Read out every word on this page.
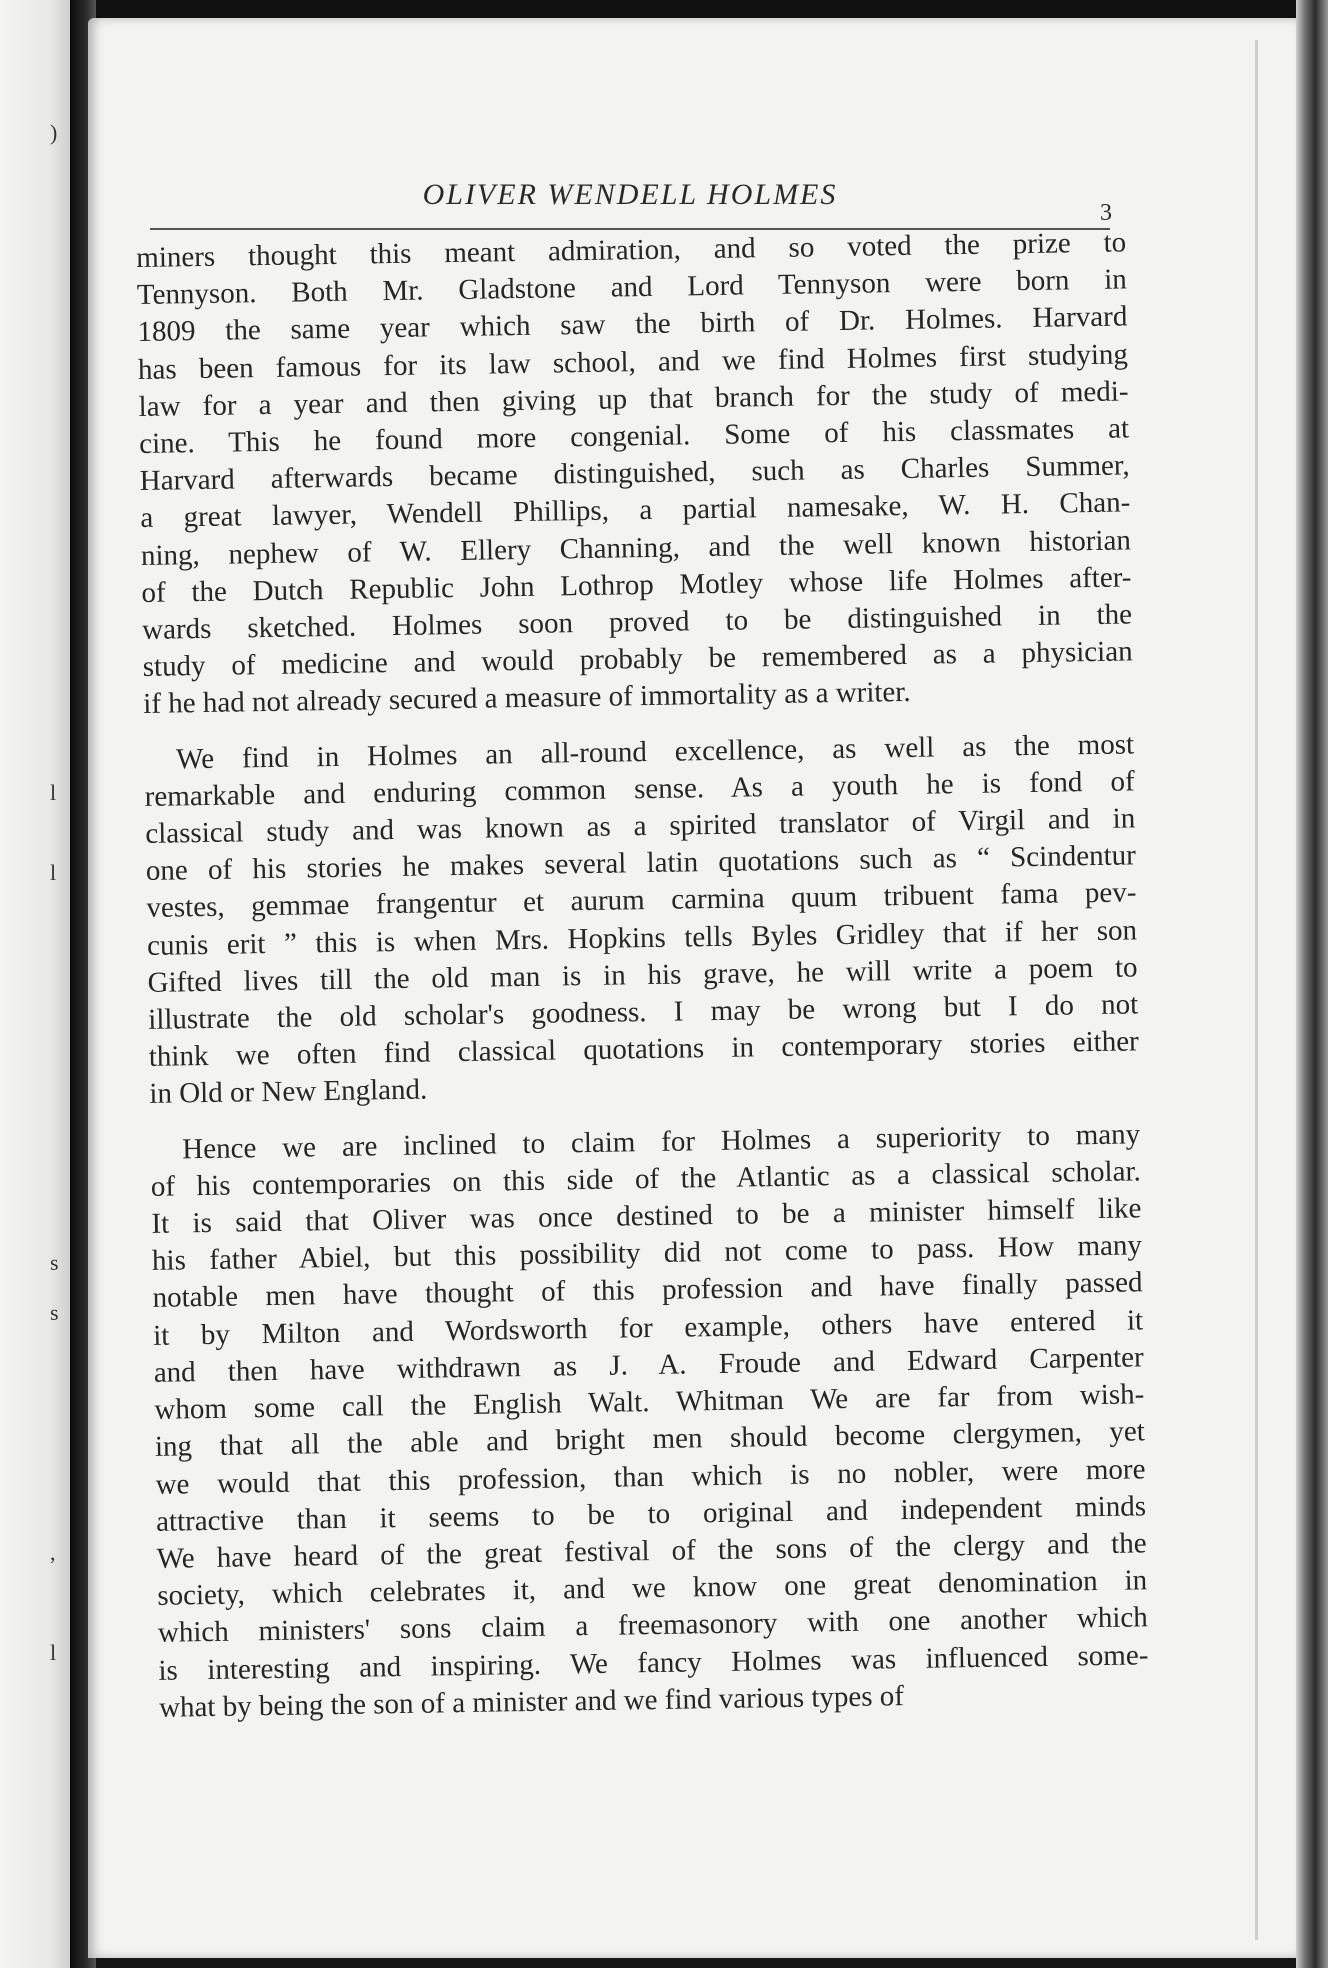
)
l
l
s
s
,
l
OLIVER WENDELL HOLMES
3
miners thought this meant admiration, and so voted the prize to
Tennyson. Both Mr. Gladstone and Lord Tennyson were born in
1809 the same year which saw the birth of Dr. Holmes. Harvard
has been famous for its law school, and we find Holmes first studying
law for a year and then giving up that branch for the study of medi-
cine. This he found more congenial. Some of his classmates at
Harvard afterwards became distinguished, such as Charles Summer,
a great lawyer, Wendell Phillips, a partial namesake, W. H. Chan-
ning, nephew of W. Ellery Channing, and the well known historian
of the Dutch Republic John Lothrop Motley whose life Holmes after-
wards sketched. Holmes soon proved to be distinguished in the
study of medicine and would probably be remembered as a physician
if he had not already secured a measure of immortality as a writer.
We find in Holmes an all-round excellence, as well as the most
remarkable and enduring common sense. As a youth he is fond of
classical study and was known as a spirited translator of Virgil and in
one of his stories he makes several latin quotations such as “ Scindentur
vestes, gemmae frangentur et aurum carmina quum tribuent fama pev-
cunis erit ” this is when Mrs. Hopkins tells Byles Gridley that if her son
Gifted lives till the old man is in his grave, he will write a poem to
illustrate the old scholar's goodness. I may be wrong but I do not
think we often find classical quotations in contemporary stories either
in Old or New England.
Hence we are inclined to claim for Holmes a superiority to many
of his contemporaries on this side of the Atlantic as a classical scholar.
It is said that Oliver was once destined to be a minister himself like
his father Abiel, but this possibility did not come to pass. How many
notable men have thought of this profession and have finally passed
it by Milton and Wordsworth for example, others have entered it
and then have withdrawn as J. A. Froude and Edward Carpenter
whom some call the English Walt. Whitman We are far from wish-
ing that all the able and bright men should become clergymen, yet
we would that this profession, than which is no nobler, were more
attractive than it seems to be to original and independent minds
We have heard of the great festival of the sons of the clergy and the
society, which celebrates it, and we know one great denomination in
which ministers' sons claim a freemasonory with one another which
is interesting and inspiring. We fancy Holmes was influenced some-
what by being the son of a minister and we find various types of
